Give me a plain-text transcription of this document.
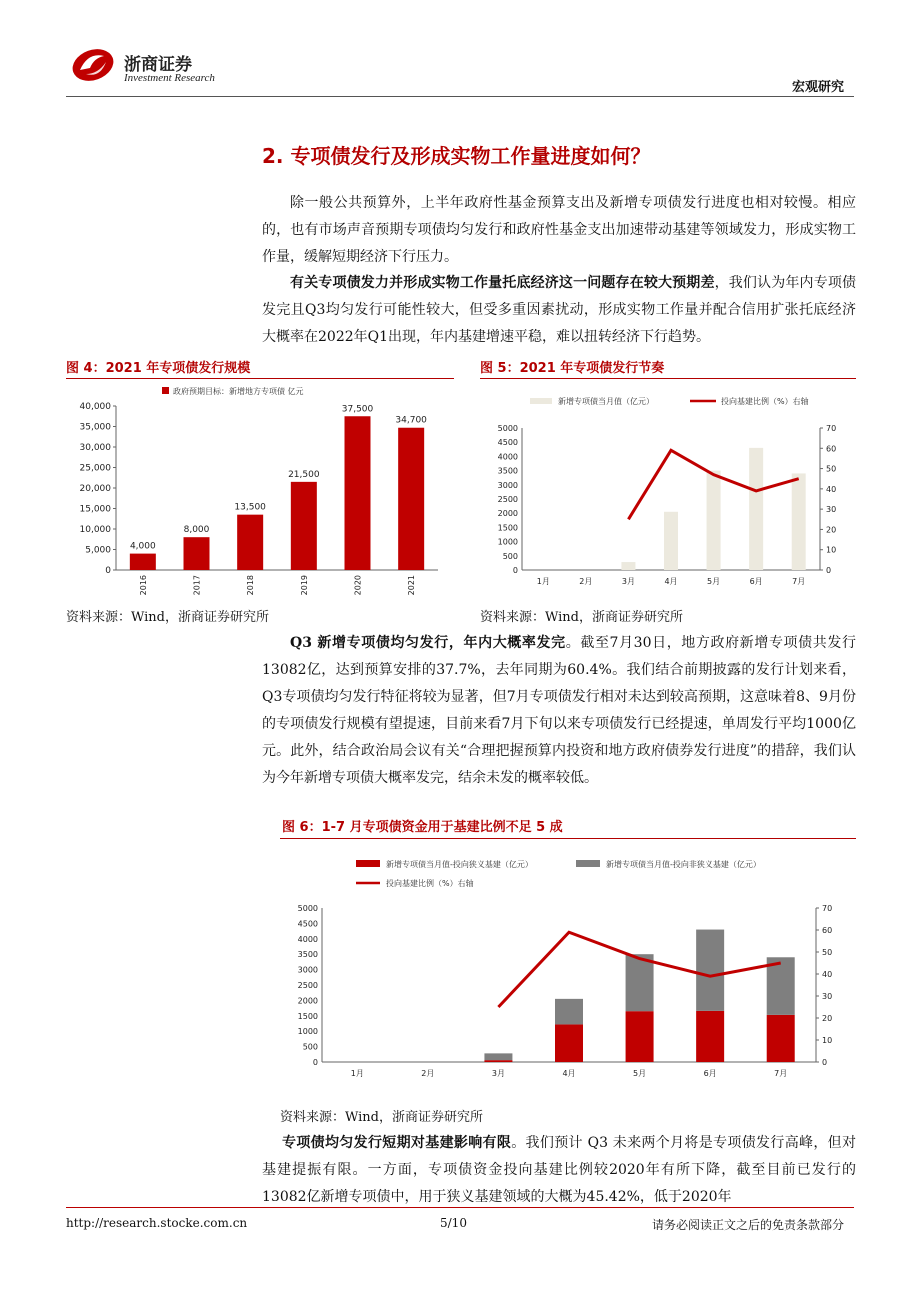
浙商证券
Investment Research
宏观研究
2. 专项债发行及形成实物工作量进度如何？
除一般公共预算外，上半年政府性基金预算支出及新增专项债发行进度也相对较慢。相应的，也有市场声音预期专项债均匀发行和政府性基金支出加速带动基建等领域发力，形成实物工作量，缓解短期经济下行压力。
有关专项债发力并形成实物工作量托底经济这一问题存在较大预期差，我们认为年内专项债发完且Q3均匀发行可能性较大，但受多重因素扰动，形成实物工作量并配合信用扩张托底经济大概率在2022年Q1出现，年内基建增速平稳，难以扭转经济下行趋势。
图 4：2021 年专项债发行规模
政府预期目标：新增地方专项债 亿元
0
5,000
10,000
15,000
20,000
25,000
30,000
35,000
40,000
4,000
2016
8,000
2017
13,500
2018
21,500
2019
37,500
2020
34,700
2021
资料来源：Wind，浙商证券研究所
图 5：2021 年专项债发行节奏
新增专项债当月值（亿元）	投向基建比例（%）右轴
0
500
1000
1500
2000
2500
3000
3500
4000
4500
5000
0
10
20
30
40
50
60
70
1月	2月	3月	4月	5月	6月	7月
资料来源：Wind，浙商证券研究所
Q3 新增专项债均匀发行，年内大概率发完。截至7月30日，地方政府新增专项债共发行13082亿，达到预算安排的37.7%，去年同期为60.4%。我们结合前期披露的发行计划来看，Q3专项债均匀发行特征将较为显著，但7月专项债发行相对未达到较高预期，这意味着8、9月份的专项债发行规模有望提速，目前来看7月下旬以来专项债发行已经提速，单周发行平均1000亿元。此外，结合政治局会议有关“合理把握预算内投资和地方政府债券发行进度”的措辞，我们认为今年新增专项债大概率发完，结余未发的概率较低。
图 6：1-7 月专项债资金用于基建比例不足 5 成
新增专项债当月值-投向狭义基建（亿元）	新增专项债当月值-投向非狭义基建（亿元）
投向基建比例（%）右轴
0
500
1000
1500
2000
2500
3000
3500
4000
4500
5000
0
10
20
30
40
50
60
70
1月	2月	3月	4月	5月	6月	7月
资料来源：Wind，浙商证券研究所
专项债均匀发行短期对基建影响有限。我们预计 Q3 未来两个月将是专项债发行高峰，但对基建提振有限。一方面，专项债资金投向基建比例较2020年有所下降，截至目前已发行的13082亿新增专项债中，用于狭义基建领域的大概为45.42%，低于2020年
http://research.stocke.com.cn	5/10	请务必阅读正文之后的免责条款部分
